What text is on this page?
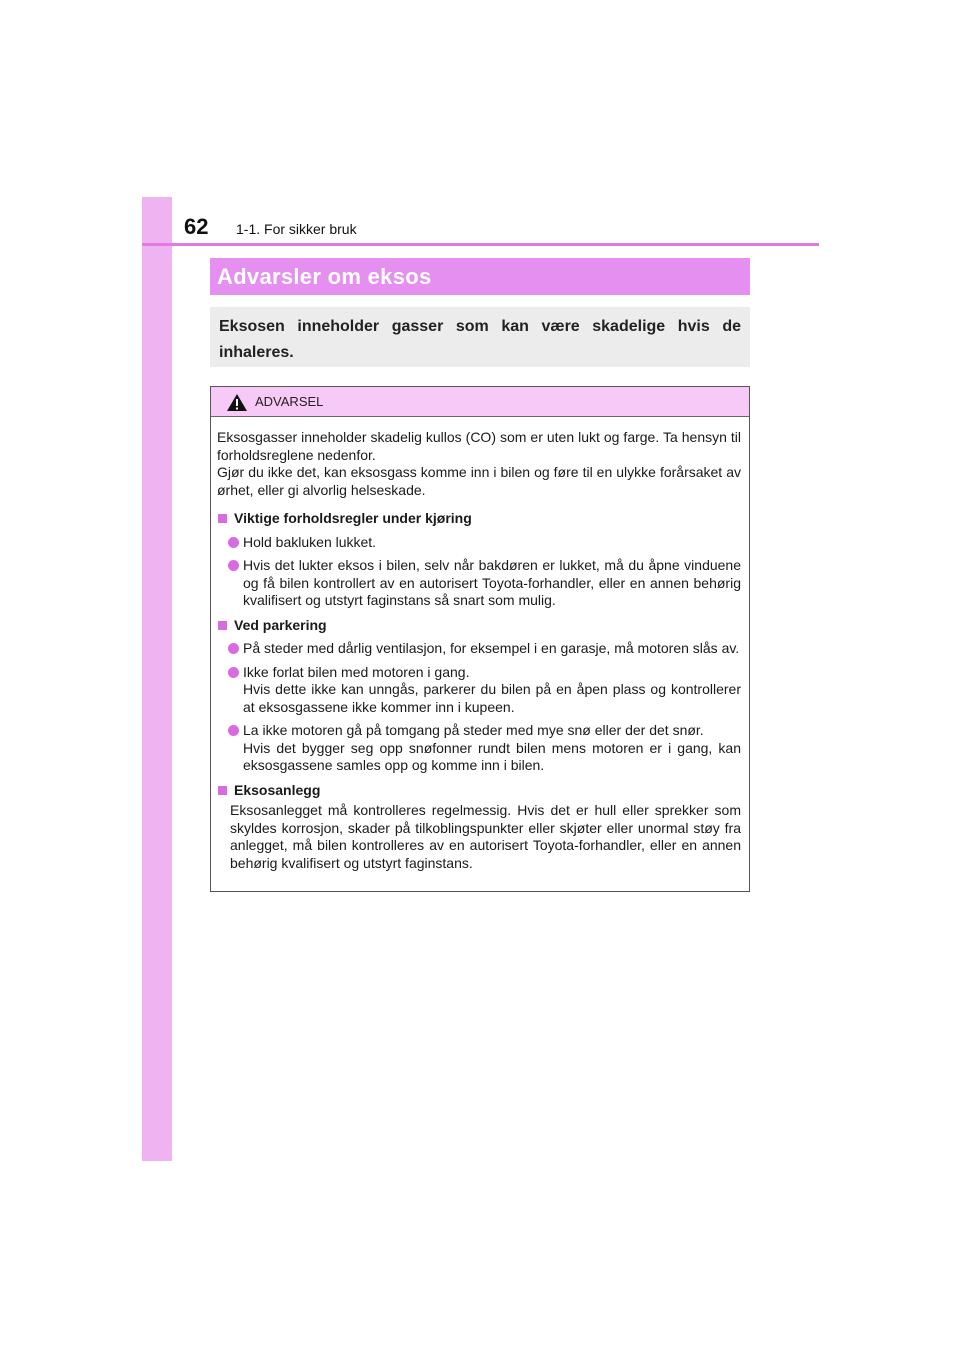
62 1-1. For sikker bruk
Advarsler om eksos

Eksosen inneholder gasser som kan være skadelige hvis de inhaleres.

ADVARSEL

Eksosgasser inneholder skadelig kullos (CO) som er uten lukt og farge. Ta hensyn til forholdsreglene nedenfor.

Gjør du ikke det, kan eksosgass komme inn i bilen og føre til en ulykke forårsaket av ørhet, eller gi alvorlig helseskade.

Viktige forholdsregler under kjøring
Hold bakluken lukket.
Hvis det lukter eksos i bilen, selv når bakdøren er lukket, må du åpne vinduene og få bilen kontrollert av en autorisert Toyota-forhandler, eller en annen behørig kvalifisert og utstyrt faginstans så snart som mulig.
Ved parkering
På steder med dårlig ventilasjon, for eksempel i en garasje, må motoren slås av.
Ikke forlat bilen med motoren i gang.
Hvis dette ikke kan unngås, parkerer du bilen på en åpen plass og kontrollerer at eksosgassene ikke kommer inn i kupeen.
La ikke motoren gå på tomgang på steder med mye snø eller der det snør.
Hvis det bygger seg opp snøfonner rundt bilen mens motoren er i gang, kan eksosgassene samles opp og komme inn i bilen.
Eksosanlegg
Eksosanlegget må kontrolleres regelmessig. Hvis det er hull eller sprekker som skyldes korrosjon, skader på tilkoblingspunkter eller skjøter eller unormal støy fra anlegget, må bilen kontrolleres av en autorisert Toyota-forhandler, eller en annen behørig kvalifisert og utstyrt faginstans.
